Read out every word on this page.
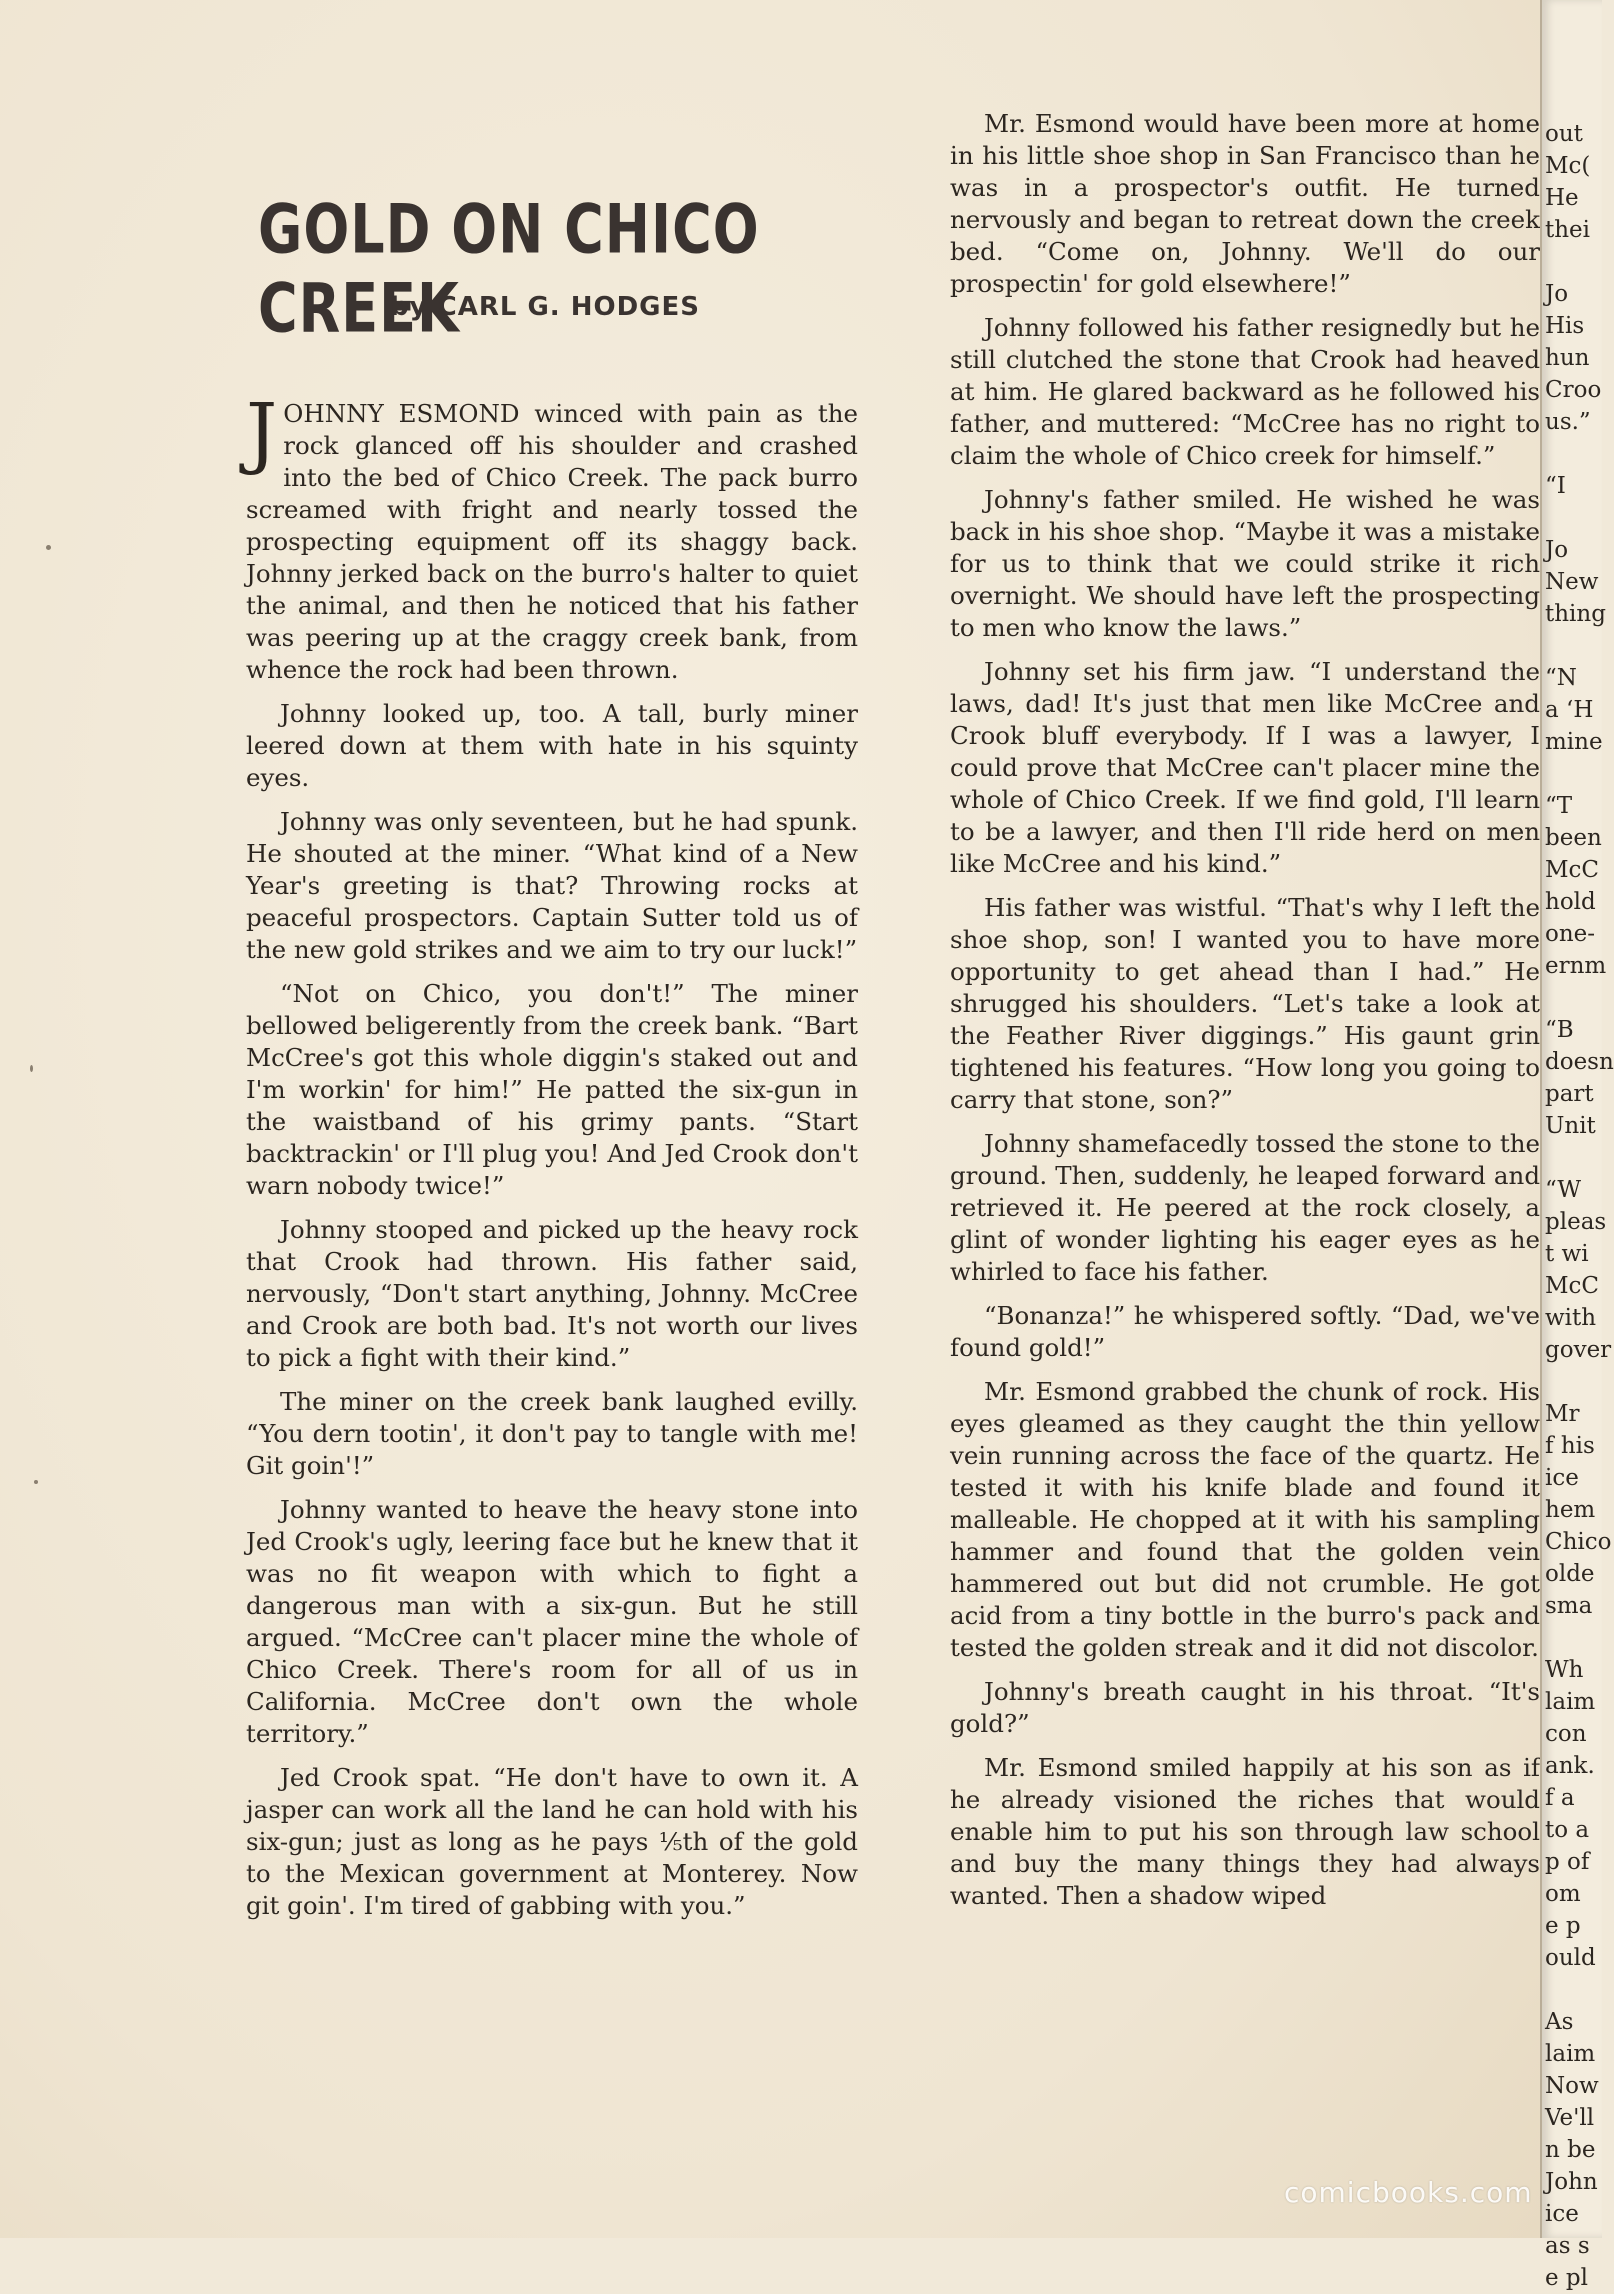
GOLD ON CHICO CREEK
by CARL G. HODGES

JOHNNY ESMOND winced with pain as the rock glanced off his shoulder and crashed into the bed of Chico Creek. The pack burro screamed with fright and nearly tossed the prospecting equipment off its shaggy back. Johnny jerked back on the burro's halter to quiet the animal, and then he noticed that his father was peering up at the craggy creek bank, from whence the rock had been thrown.

Johnny looked up, too. A tall, burly miner leered down at them with hate in his squinty eyes.

Johnny was only seventeen, but he had spunk. He shouted at the miner. “What kind of a New Year's greeting is that? Throwing rocks at peaceful prospectors. Captain Sutter told us of the new gold strikes and we aim to try our luck!”

“Not on Chico, you don't!” The miner bellowed beligerently from the creek bank. “Bart McCree's got this whole diggin's staked out and I'm workin' for him!” He patted the six-gun in the waistband of his grimy pants. “Start backtrackin' or I'll plug you! And Jed Crook don't warn nobody twice!”

Johnny stooped and picked up the heavy rock that Crook had thrown. His father said, nervously, “Don't start anything, Johnny. McCree and Crook are both bad. It's not worth our lives to pick a fight with their kind.”

The miner on the creek bank laughed evilly. “You dern tootin', it don't pay to tangle with me! Git goin'!”

Johnny wanted to heave the heavy stone into Jed Crook's ugly, leering face but he knew that it was no fit weapon with which to fight a dangerous man with a six-gun. But he still argued. “McCree can't placer mine the whole of Chico Creek. There's room for all of us in California. McCree don't own the whole territory.”

Jed Crook spat. “He don't have to own it. A jasper can work all the land he can hold with his six-gun; just as long as he pays ⅕th of the gold to the Mexican government at Monterey. Now git goin'. I'm tired of gabbing with you.”

Mr. Esmond would have been more at home in his little shoe shop in San Francisco than he was in a prospector's outfit. He turned nervously and began to retreat down the creek bed. “Come on, Johnny. We'll do our prospectin' for gold elsewhere!”

Johnny followed his father resignedly but he still clutched the stone that Crook had heaved at him. He glared backward as he followed his father, and muttered: “McCree has no right to claim the whole of Chico creek for himself.”

Johnny's father smiled. He wished he was back in his shoe shop. “Maybe it was a mistake for us to think that we could strike it rich overnight. We should have left the prospecting to men who know the laws.”

Johnny set his firm jaw. “I understand the laws, dad! It's just that men like McCree and Crook bluff everybody. If I was a lawyer, I could prove that McCree can't placer mine the whole of Chico Creek. If we find gold, I'll learn to be a lawyer, and then I'll ride herd on men like McCree and his kind.”

His father was wistful. “That's why I left the shoe shop, son! I wanted you to have more opportunity to get ahead than I had.” He shrugged his shoulders. “Let's take a look at the Feather River diggings.” His gaunt grin tightened his features. “How long you going to carry that stone, son?”

Johnny shamefacedly tossed the stone to the ground. Then, suddenly, he leaped forward and retrieved it. He peered at the rock closely, a glint of wonder lighting his eager eyes as he whirled to face his father.

“Bonanza!” he whispered softly. “Dad, we've found gold!”

Mr. Esmond grabbed the chunk of rock. His eyes gleamed as they caught the thin yellow vein running across the face of the quartz. He tested it with his knife blade and found it malleable. He chopped at it with his sampling hammer and found that the golden vein hammered out but did not crumble. He got acid from a tiny bottle in the burro's pack and tested the golden streak and it did not discolor.

Johnny's breath caught in his throat. “It's gold?”

Mr. Esmond smiled happily at his son as if he already visioned the riches that would enable him to put his son through law school and buy the many things they had always wanted. Then a shadow wiped

out
Mc(
He
thei

Jo
His
hun
Croo
us.”

“I

Jo
New
thing

“N
a ‘H
mine

“T
been
McC
hold
one-
ernm

“B
doesn
part
Unit

“W
pleas
t wi
McC
with
gover

Mr
f his
ice
hem
Chico
olde
sma

Wh
laim
con
ank.
f a
to a
p of
om
e p
ould

As
laim
Now
Ve'll
n be
John
ice
as s
e pl
comicbooks.com
